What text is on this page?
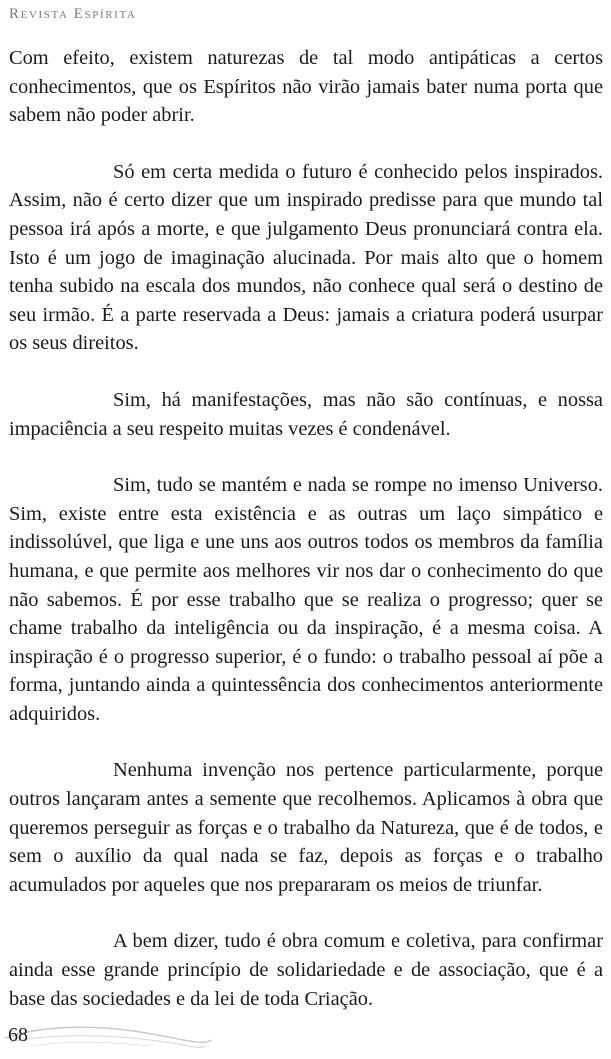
Revista Espírita

Com efeito, existem naturezas de tal modo antipáticas a certos conhecimentos, que os Espíritos não virão jamais bater numa porta que sabem não poder abrir.

Só em certa medida o futuro é conhecido pelos inspirados. Assim, não é certo dizer que um inspirado predisse para que mundo tal pessoa irá após a morte, e que julgamento Deus pronunciará contra ela. Isto é um jogo de imaginação alucinada. Por mais alto que o homem tenha subido na escala dos mundos, não conhece qual será o destino de seu irmão. É a parte reservada a Deus: jamais a criatura poderá usurpar os seus direitos.

Sim, há manifestações, mas não são contínuas, e nossa impaciência a seu respeito muitas vezes é condenável.

Sim, tudo se mantém e nada se rompe no imenso Universo. Sim, existe entre esta existência e as outras um laço simpático e indissolúvel, que liga e une uns aos outros todos os membros da família humana, e que permite aos melhores vir nos dar o conhecimento do que não sabemos. É por esse trabalho que se realiza o progresso; quer se chame trabalho da inteligência ou da inspiração, é a mesma coisa. A inspiração é o progresso superior, é o fundo: o trabalho pessoal aí põe a forma, juntando ainda a quintessência dos conhecimentos anteriormente adquiridos.

Nenhuma invenção nos pertence particularmente, porque outros lançaram antes a semente que recolhemos. Aplicamos à obra que queremos perseguir as forças e o trabalho da Natureza, que é de todos, e sem o auxílio da qual nada se faz, depois as forças e o trabalho acumulados por aqueles que nos prepararam os meios de triunfar.

A bem dizer, tudo é obra comum e coletiva, para confirmar ainda esse grande princípio de solidariedade e de associação, que é a base das sociedades e da lei de toda Criação.

68
